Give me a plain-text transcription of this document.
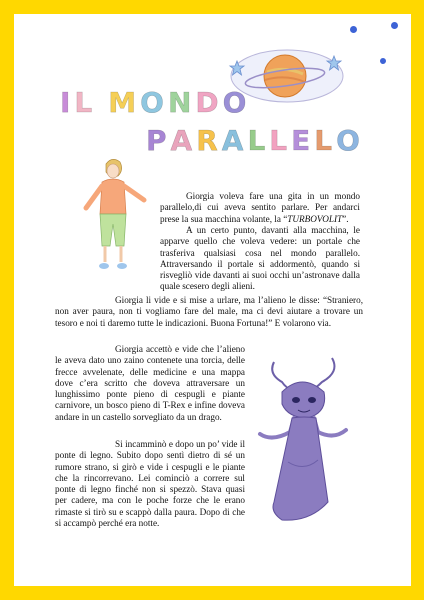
IL MONDO
PARALLELO
Giorgia voleva fare una gita in un mondo parallelo,di cui aveva sentito parlare. Per andarci prese la sua macchina volante, la “TURBOVOLIT”.
A un certo punto, davanti alla macchina, le apparve quello che voleva vedere: un portale che trasferiva qualsiasi cosa nel mondo parallelo. Attraversando il portale si addormentò, quando si risvegliò vide davanti ai suoi occhi un’astronave dalla quale scesero degli alieni.
Giorgia li vide e si mise a urlare, ma l’alieno le disse: “Straniero, non aver paura, non ti vogliamo fare del male, ma ci devi aiutare a trovare un tesoro e noi ti daremo tutte le indicazioni. Buona Fortuna!” E volarono via.
Giorgia accettò e vide che l’alieno le aveva dato uno zaino contenete una torcia, delle frecce avvelenate, delle medicine e una mappa dove c’era scritto che doveva attraversare un lunghissimo ponte pieno di cespugli e piante carnivore, un bosco pieno di T-Rex e infine doveva andare in un castello sorvegliato da un drago.
Si incamminò e dopo un po’ vide il ponte di legno. Subito dopo sentì dietro di sé un rumore strano, si girò e vide i cespugli e le piante che la rincorrevano. Lei cominciò a correre sul ponte di legno finché non si spezzò. Stava quasi per cadere, ma con le poche forze che le erano rimaste si tirò su e scappò dalla paura. Dopo di che si accampò perché era notte.
